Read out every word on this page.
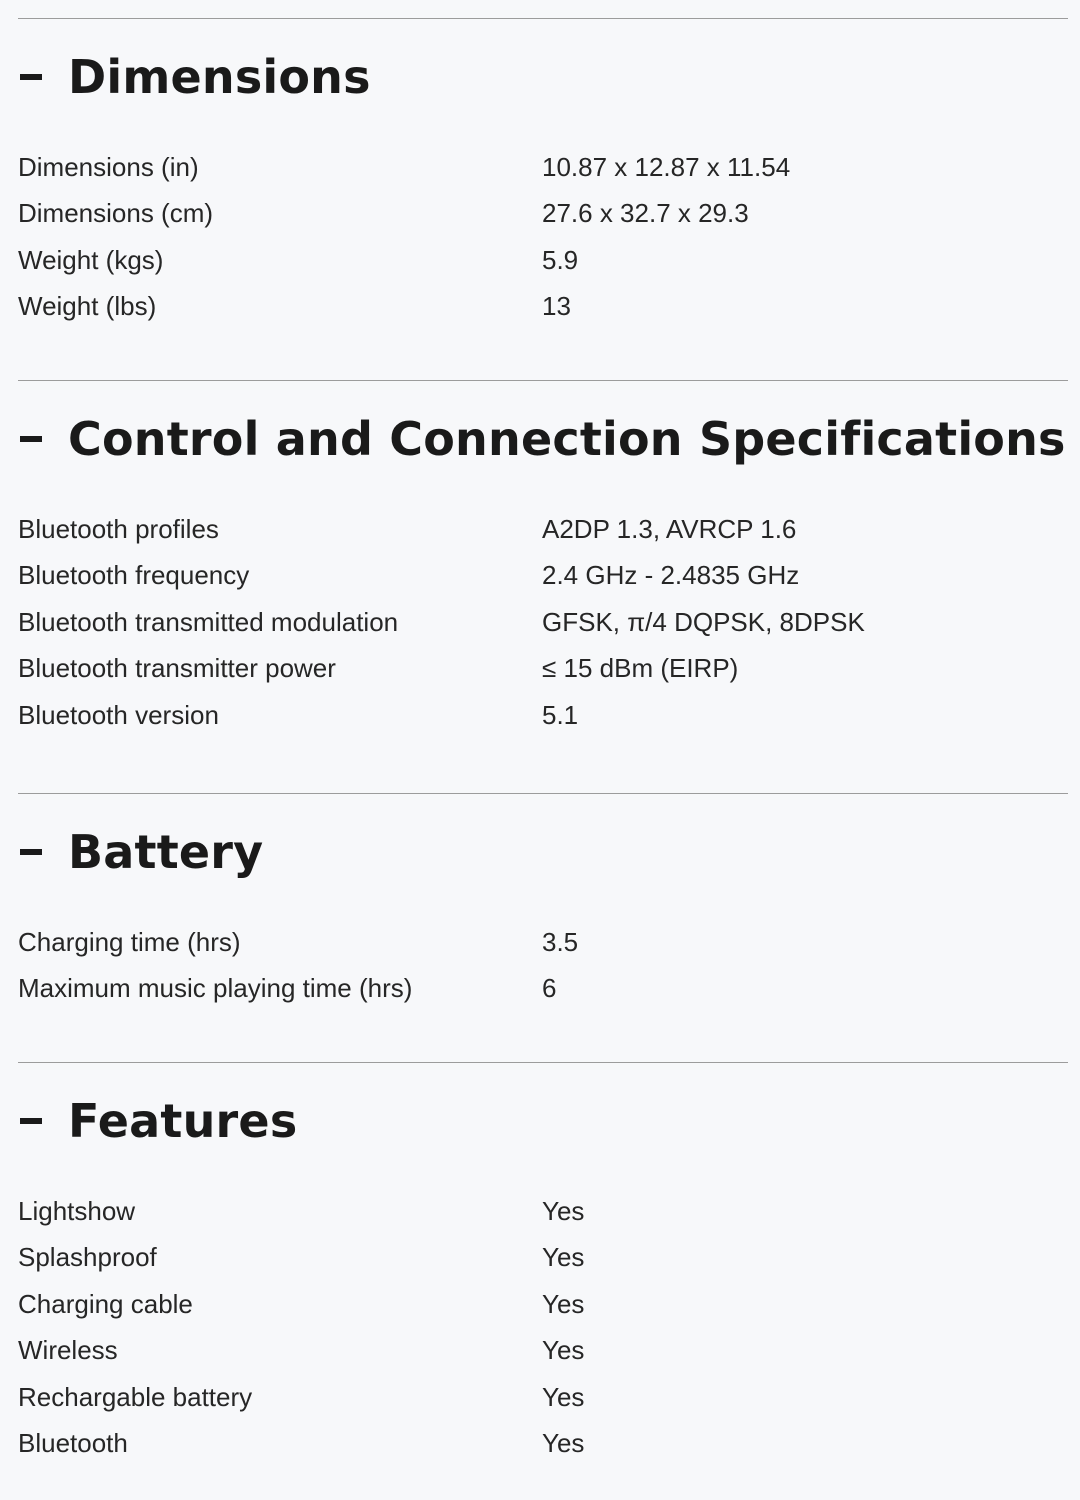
Dimensions
Dimensions (in)	10.87 x 12.87 x 11.54
Dimensions (cm)	27.6 x 32.7 x 29.3
Weight (kgs)	5.9
Weight (lbs)	13
Control and Connection Specifications
Bluetooth profiles	A2DP 1.3, AVRCP 1.6
Bluetooth frequency	2.4 GHz - 2.4835 GHz
Bluetooth transmitted modulation	GFSK, π/4 DQPSK, 8DPSK
Bluetooth transmitter power	≤ 15 dBm (EIRP)
Bluetooth version	5.1
Battery
Charging time (hrs)	3.5
Maximum music playing time (hrs)	6
Features
Lightshow	Yes
Splashproof	Yes
Charging cable	Yes
Wireless	Yes
Rechargable battery	Yes
Bluetooth	Yes
